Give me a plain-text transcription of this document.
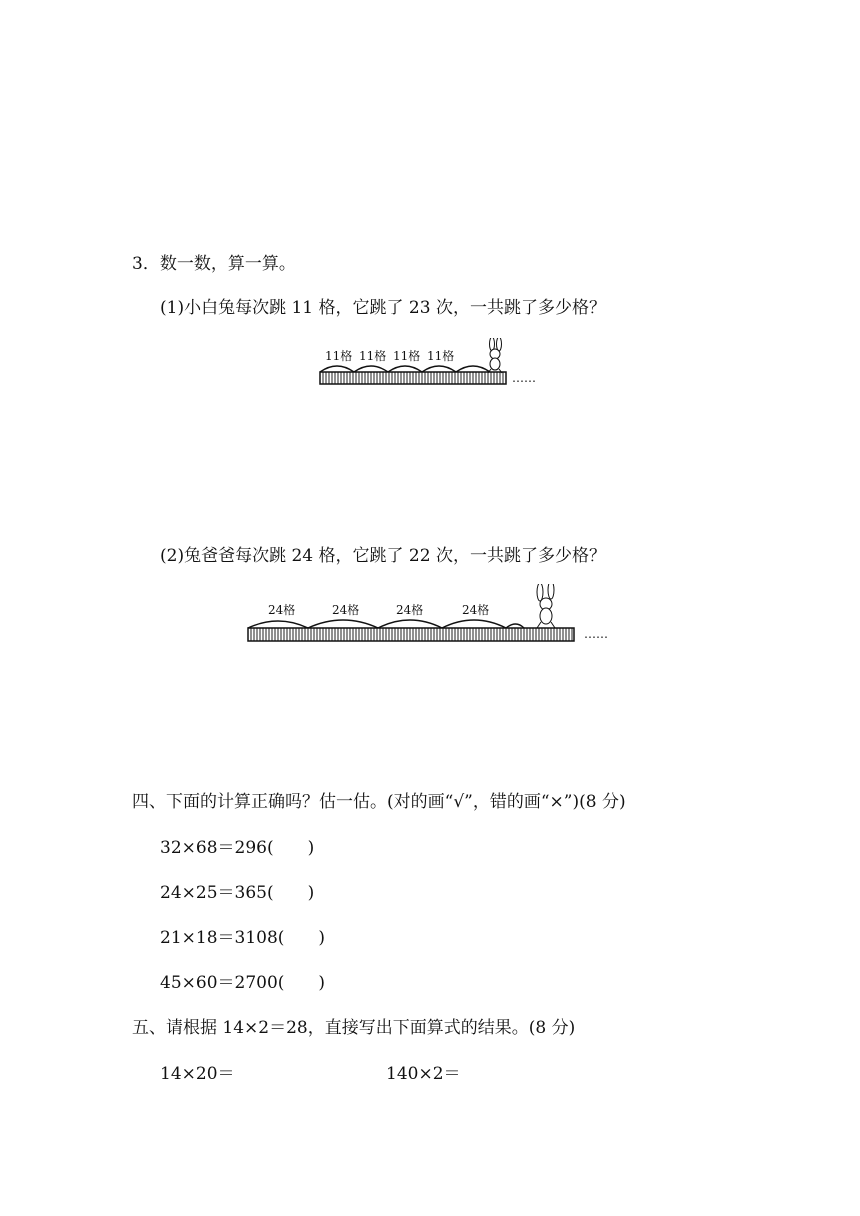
3．数一数，算一算。
(1)小白兔每次跳 11 格，它跳了 23 次，一共跳了多少格？
11格 11格 11格 11格
……
(2)兔爸爸每次跳 24 格，它跳了 22 次，一共跳了多少格？
24格	24格	24格	24格
……
四、下面的计算正确吗？估一估。(对的画“√”，错的画“×”)(8 分)
32×68＝296(　　)
24×25＝365(　　)
21×18＝3108(　　)
45×60＝2700(　　)
五、请根据 14×2＝28，直接写出下面算式的结果。(8 分)
14×20＝	140×2＝
